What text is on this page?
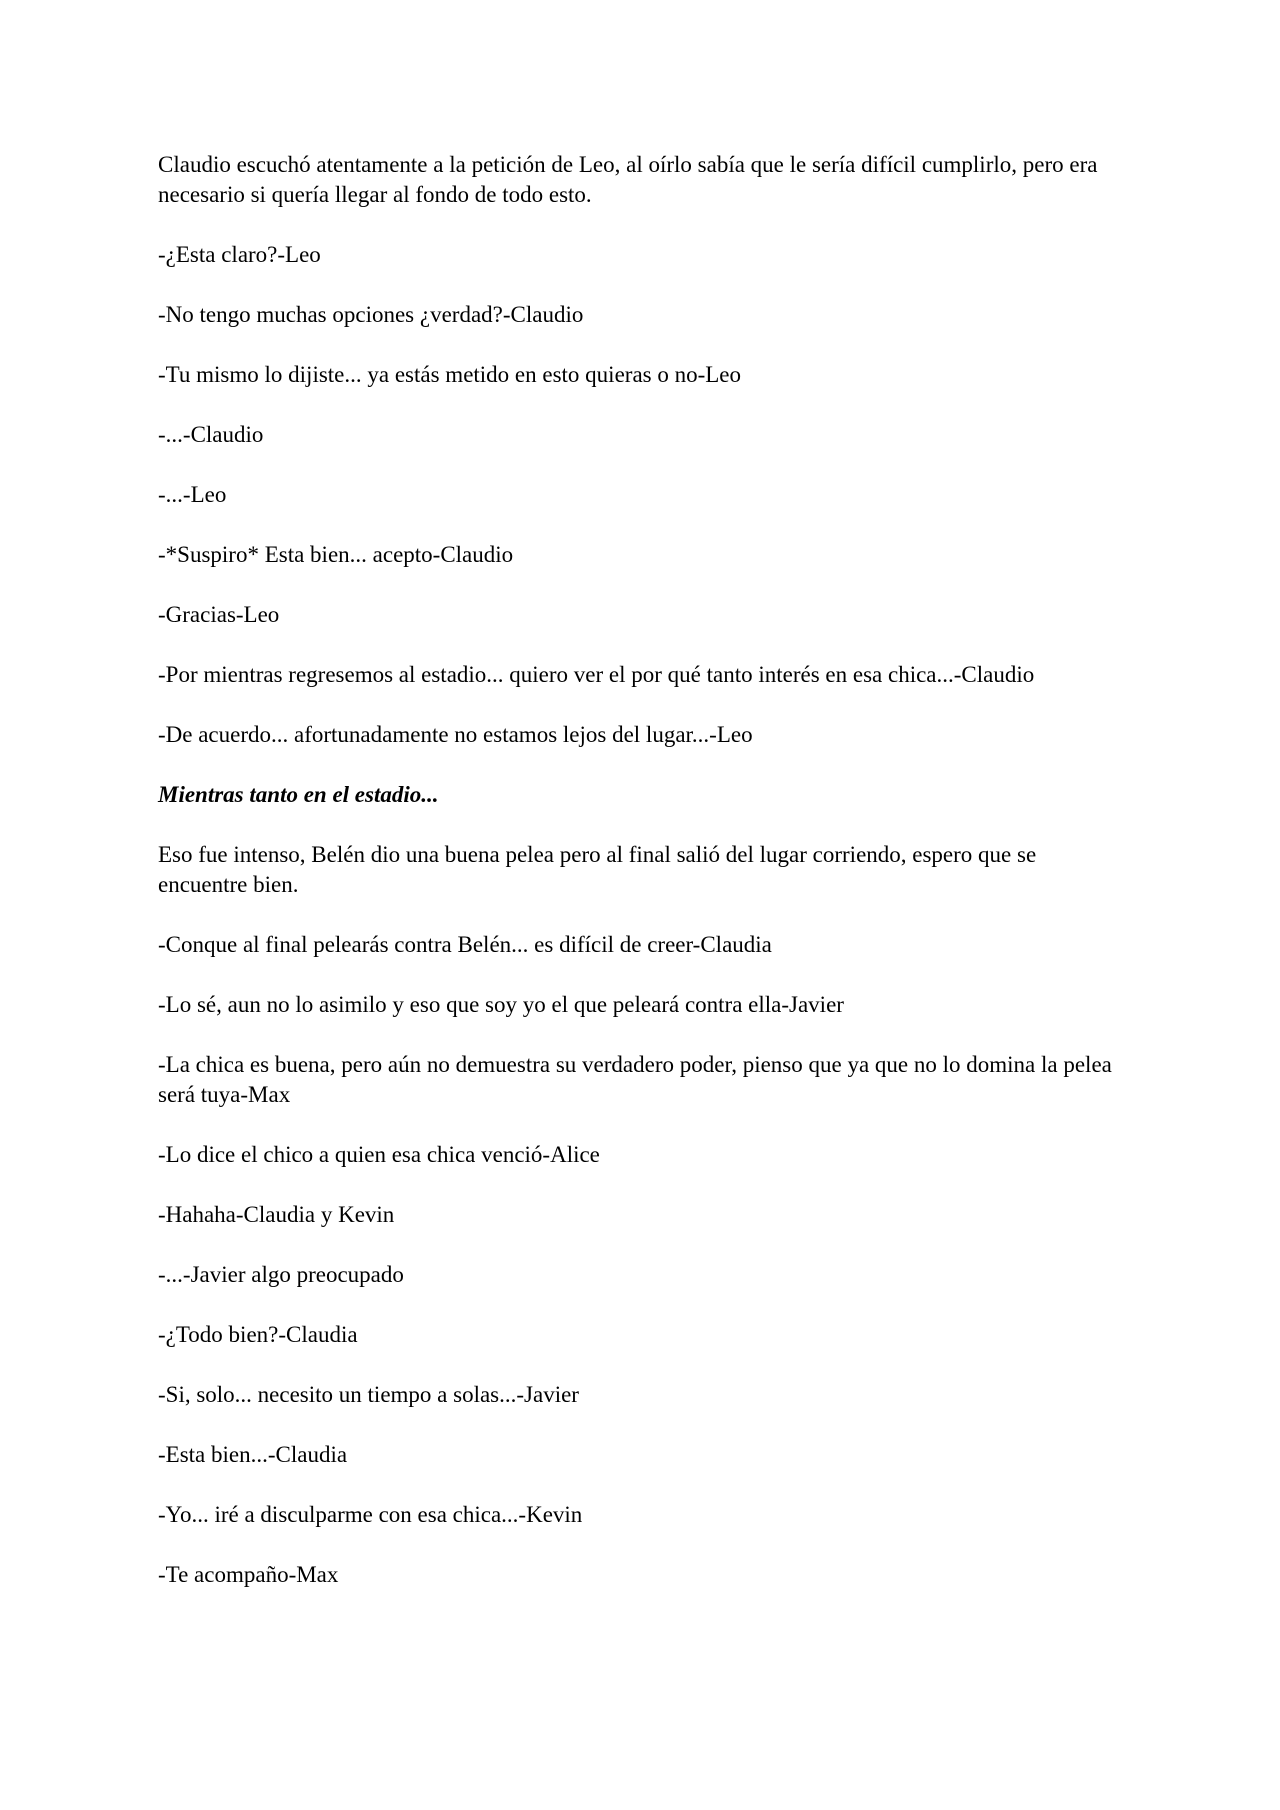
Claudio escuchó atentamente a la petición de Leo, al oírlo sabía que le sería difícil cumplirlo, pero era necesario si quería llegar al fondo de todo esto.

-¿Esta claro?-Leo

-No tengo muchas opciones ¿verdad?-Claudio

-Tu mismo lo dijiste... ya estás metido en esto quieras o no-Leo

-...-Claudio

-...-Leo

-*Suspiro* Esta bien... acepto-Claudio

-Gracias-Leo

-Por mientras regresemos al estadio... quiero ver el por qué tanto interés en esa chica...-Claudio

-De acuerdo... afortunadamente no estamos lejos del lugar...-Leo

Mientras tanto en el estadio...

Eso fue intenso, Belén dio una buena pelea pero al final salió del lugar corriendo, espero que se encuentre bien.

-Conque al final pelearás contra Belén... es difícil de creer-Claudia

-Lo sé, aun no lo asimilo y eso que soy yo el que peleará contra ella-Javier

-La chica es buena, pero aún no demuestra su verdadero poder, pienso que ya que no lo domina la pelea será tuya-Max

-Lo dice el chico a quien esa chica venció-Alice

-Hahaha-Claudia y Kevin

-...-Javier algo preocupado

-¿Todo bien?-Claudia

-Si, solo... necesito un tiempo a solas...-Javier

-Esta bien...-Claudia

-Yo... iré a disculparme con esa chica...-Kevin

-Te acompaño-Max
